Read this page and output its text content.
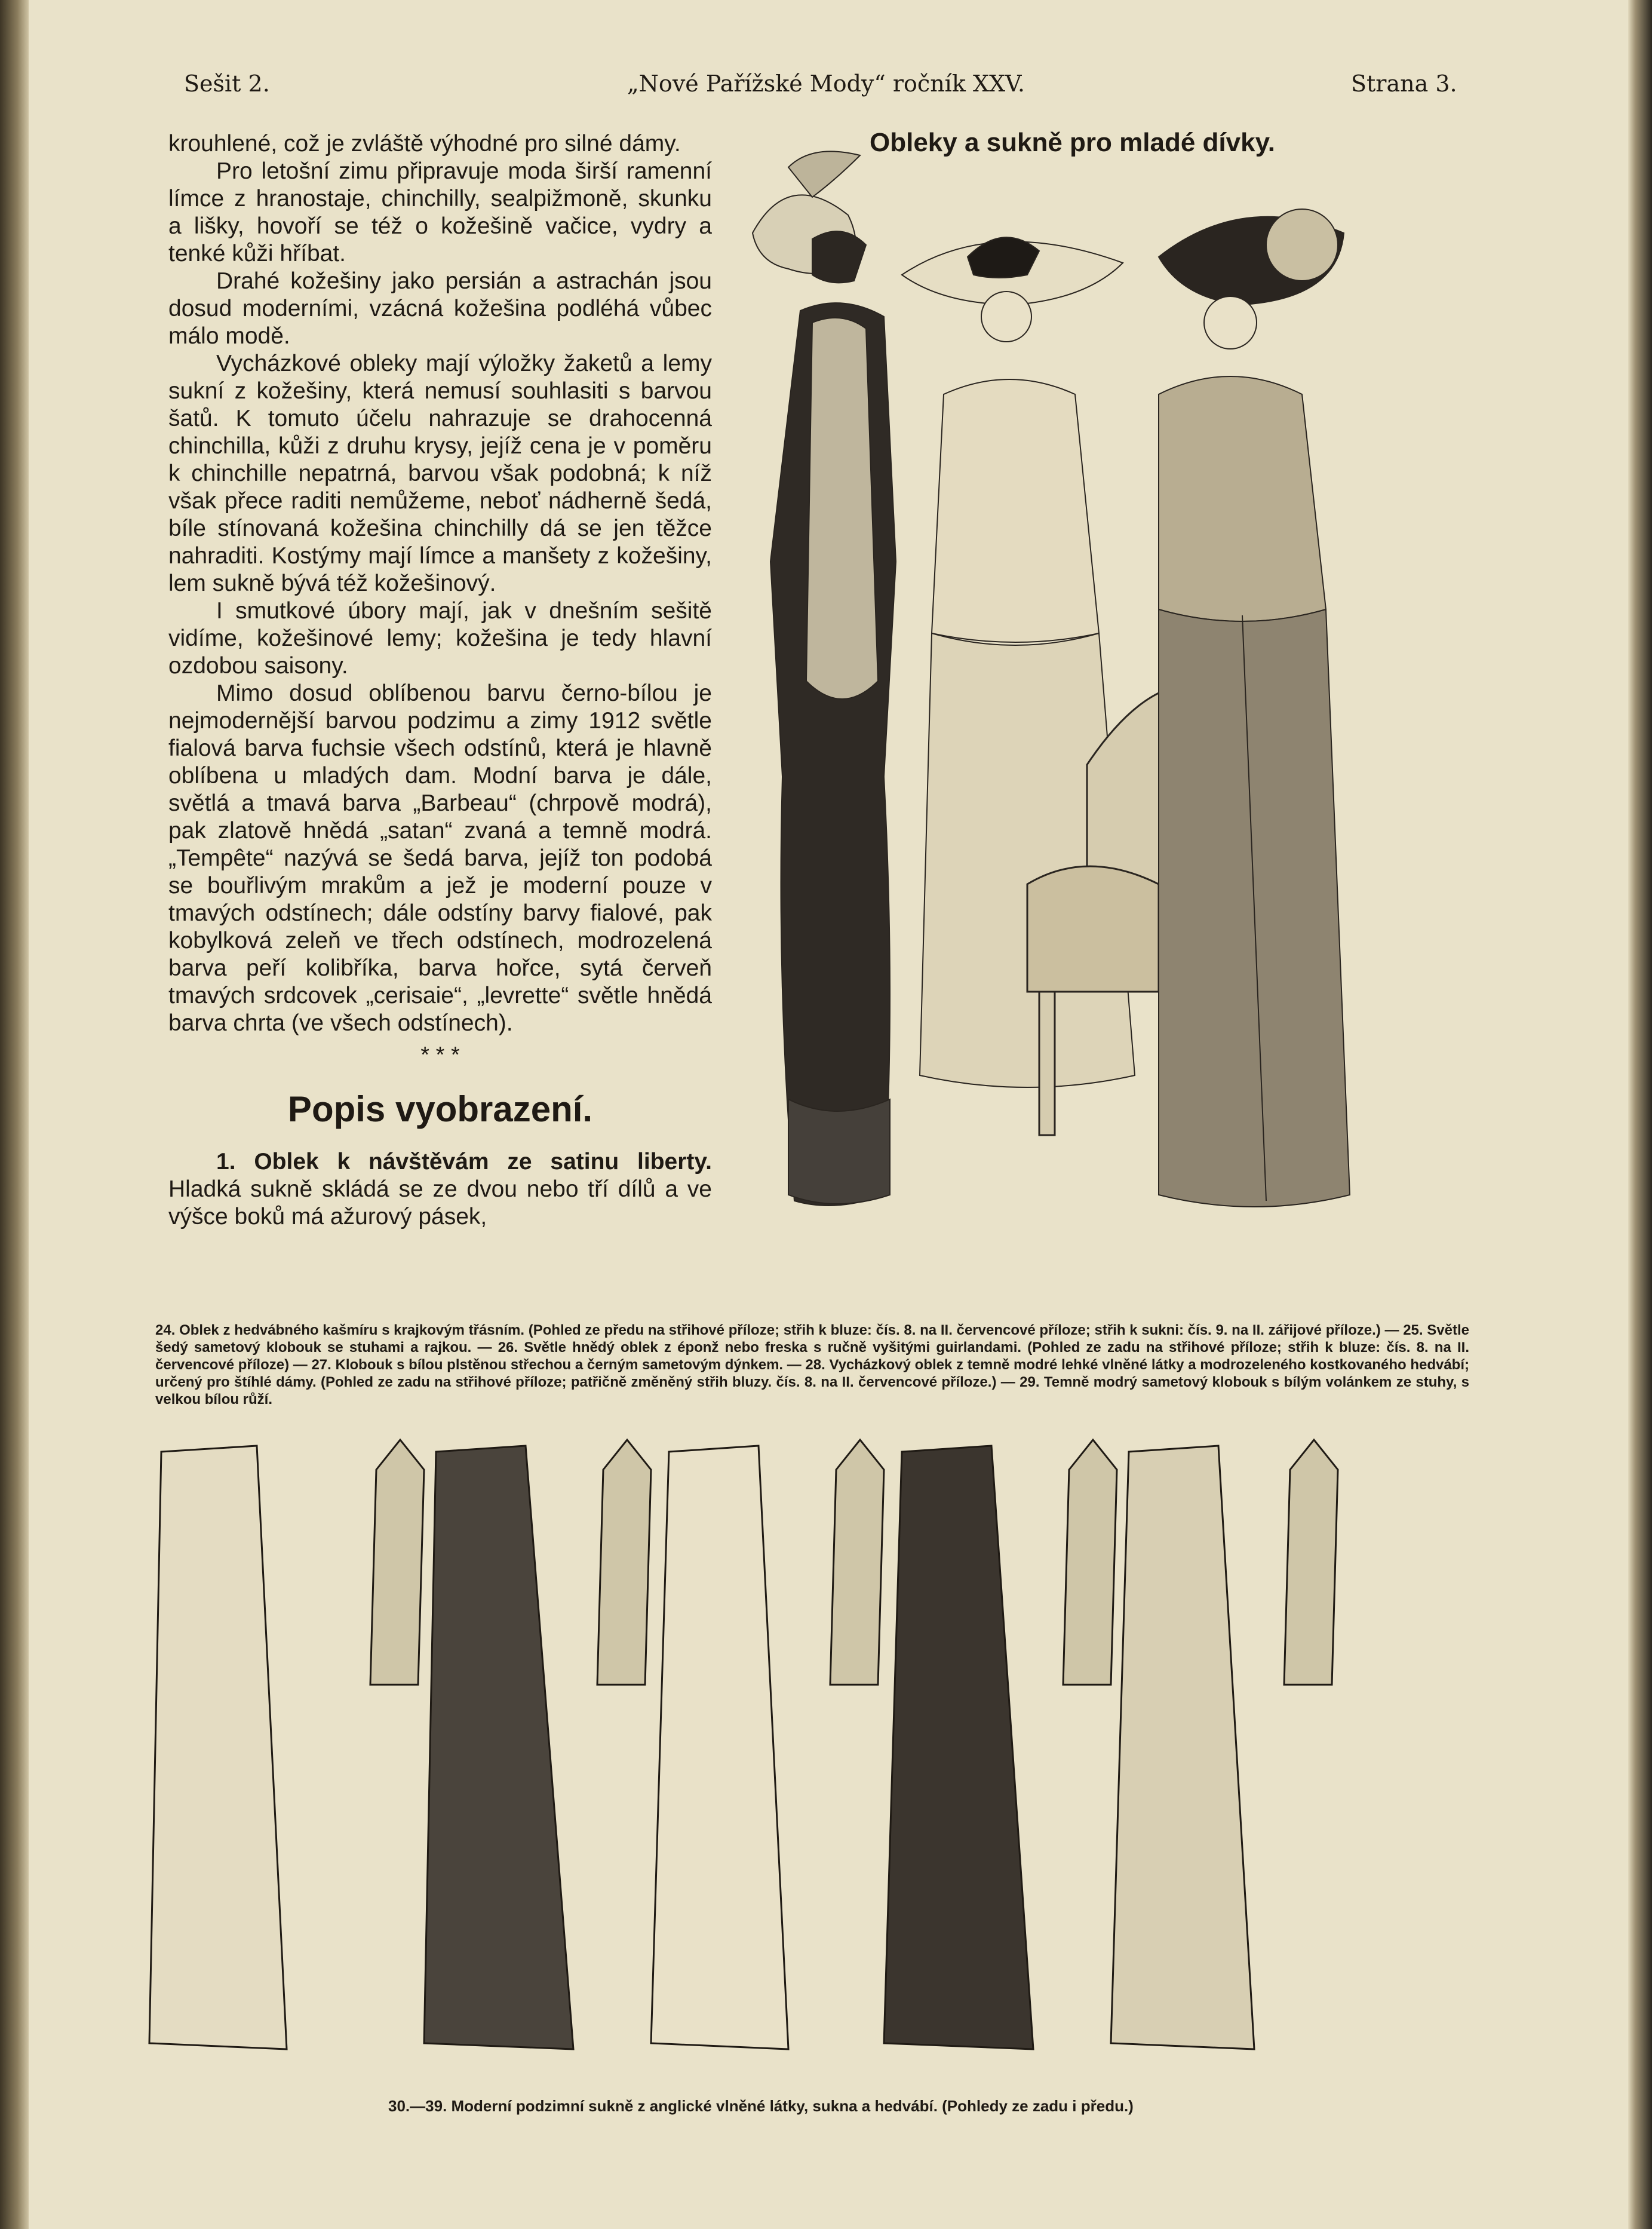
Sešit 2.	„Nové Pařížské Mody“ ročník XXV.	Strana 3.

krouhlené, což je zvláště výhodné pro silné dámy.

Pro letošní zimu připravuje moda širší ramenní límce z hranostaje, chinchilly, sealpižmoně, skunku a lišky, hovoří se též o kožešině vačice, vydry a tenké kůži hříbat.

Drahé kožešiny jako persián a astrachán jsou dosud moderními, vzácná kožešina podléhá vůbec málo modě.

Vycházkové obleky mají výložky žaketů a lemy sukní z kožešiny, která nemusí souhlasiti s barvou šatů. K tomuto účelu nahrazuje se drahocenná chinchilla, kůži z druhu krysy, jejíž cena je v poměru k chinchille nepatrná, barvou však podobná; k níž však přece raditi nemůžeme, neboť nádherně šedá, bíle stínovaná kožešina chinchilly dá se jen těžce nahraditi. Kostýmy mají límce a manšety z kožešiny, lem sukně bývá též kožešinový.

I smutkové úbory mají, jak v dnešním sešitě vidíme, kožešinové lemy; kožešina je tedy hlavní ozdobou saisony.

Mimo dosud oblíbenou barvu černo-bílou je nejmodernější barvou podzimu a zimy 1912 světle fialová barva fuchsie všech odstínů, která je hlavně oblíbena u mladých dam. Modní barva je dále, světlá a tmavá barva „Barbeau“ (chrpově modrá), pak zlatově hnědá „satan“ zvaná a temně modrá. „Tempête“ nazývá se šedá barva, jejíž ton podobá se bouřlivým mrakům a jež je moderní pouze v tmavých odstínech; dále odstíny barvy fialové, pak kobylková zeleň ve třech odstínech, modrozelená barva peří kolibříka, barva hořce, sytá červeň tmavých srdcovek „cerisaie“, „levrette“ světle hnědá barva chrta (ve všech odstínech).

* * *
Popis vyobrazení.

1. Oblek k návštěvám ze satinu liberty. Hladká sukně skládá se ze dvou nebo tří dílů a ve výšce boků má ažurový pásek,

Obleky a sukně pro mladé dívky.
24. Oblek z hedvábného kašmíru s krajkovým třásním. (Pohled ze předu na střihové příloze; střih k bluze: čís. 8. na II. červencové příloze; střih k sukni: čís. 9. na II. zářijové příloze.) — 25. Světle šedý sametový klobouk se stuhami a rajkou. — 26. Světle hnědý oblek z éponž nebo freska s ručně vyšitými guirlandami. (Pohled ze zadu na střihové příloze; střih k bluze: čís. 8. na II. červencové příloze) — 27. Klobouk s bílou plstěnou střechou a černým sametovým dýnkem. — 28. Vycházkový oblek z temně modré lehké vlněné látky a modrozeleného kostkovaného hedvábí; určený pro štíhlé dámy. (Pohled ze zadu na střihové příloze; patřičně změněný střih bluzy. čís. 8. na II. červencové příloze.) — 29. Temně modrý sametový klobouk s bílým volánkem ze stuhy, s velkou bílou růží.
30.—39. Moderní podzimní sukně z anglické vlněné látky, sukna a hedvábí. (Pohledy ze zadu i předu.)
